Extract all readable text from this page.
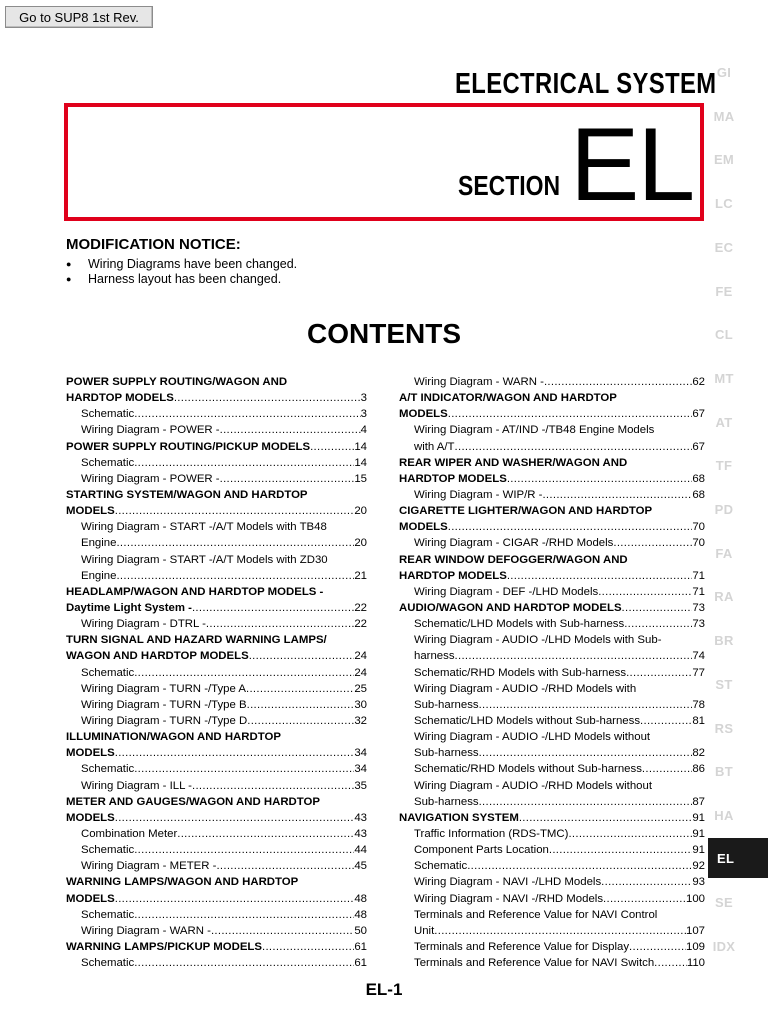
Go to SUP8 1st Rev.
ELECTRICAL SYSTEM
SECTION EL
MODIFICATION NOTICE:
● Wiring Diagrams have been changed.
● Harness layout has been changed.
CONTENTS
POWER SUPPLY ROUTING/WAGON AND
HARDTOP MODELS .....	3
Schematic .....	3
Wiring Diagram - POWER - .....	4
POWER SUPPLY ROUTING/PICKUP MODELS .....	14
Schematic .....	14
Wiring Diagram - POWER - .....	15
STARTING SYSTEM/WAGON AND HARDTOP
MODELS .....	20
Wiring Diagram - START -/A/T Models with TB48
Engine .....	20
Wiring Diagram - START -/A/T Models with ZD30
Engine .....	21
HEADLAMP/WAGON AND HARDTOP MODELS -
Daytime Light System - .....	22
Wiring Diagram - DTRL - .....	22
TURN SIGNAL AND HAZARD WARNING LAMPS/
WAGON AND HARDTOP MODELS .....	24
Schematic .....	24
Wiring Diagram - TURN -/Type A .....	25
Wiring Diagram - TURN -/Type B .....	30
Wiring Diagram - TURN -/Type D .....	32
ILLUMINATION/WAGON AND HARDTOP
MODELS .....	34
Schematic .....	34
Wiring Diagram - ILL - .....	35
METER AND GAUGES/WAGON AND HARDTOP
MODELS .....	43
Combination Meter .....	43
Schematic .....	44
Wiring Diagram - METER - .....	45
WARNING LAMPS/WAGON AND HARDTOP
MODELS .....	48
Schematic .....	48
Wiring Diagram - WARN - .....	50
WARNING LAMPS/PICKUP MODELS .....	61
Schematic .....	61
Wiring Diagram - WARN - .....	62
A/T INDICATOR/WAGON AND HARDTOP
MODELS .....	67
Wiring Diagram - AT/IND -/TB48 Engine Models
with A/T .....	67
REAR WIPER AND WASHER/WAGON AND
HARDTOP MODELS .....	68
Wiring Diagram - WIP/R - .....	68
CIGARETTE LIGHTER/WAGON AND HARDTOP
MODELS .....	70
Wiring Diagram - CIGAR -/RHD Models .....	70
REAR WINDOW DEFOGGER/WAGON AND
HARDTOP MODELS .....	71
Wiring Diagram - DEF -/LHD Models .....	71
AUDIO/WAGON AND HARDTOP MODELS .....	73
Schematic/LHD Models with Sub-harness .....	73
Wiring Diagram - AUDIO -/LHD Models with Sub-
harness .....	74
Schematic/RHD Models with Sub-harness .....	77
Wiring Diagram - AUDIO -/RHD Models with
Sub-harness .....	78
Schematic/LHD Models without Sub-harness .....	81
Wiring Diagram - AUDIO -/LHD Models without
Sub-harness .....	82
Schematic/RHD Models without Sub-harness .....	86
Wiring Diagram - AUDIO -/RHD Models without
Sub-harness .....	87
NAVIGATION SYSTEM .....	91
Traffic Information (RDS-TMC) .....	91
Component Parts Location .....	91
Schematic .....	92
Wiring Diagram - NAVI -/LHD Models .....	93
Wiring Diagram - NAVI -/RHD Models .....	100
Terminals and Reference Value for NAVI Control
Unit .....	107
Terminals and Reference Value for Display .....	109
Terminals and Reference Value for NAVI Switch .....	110
GI
MA
EM
LC
EC
FE
CL
MT
AT
TF
PD
FA
RA
BR
ST
RS
BT
HA
EL
SE
IDX
EL-1
